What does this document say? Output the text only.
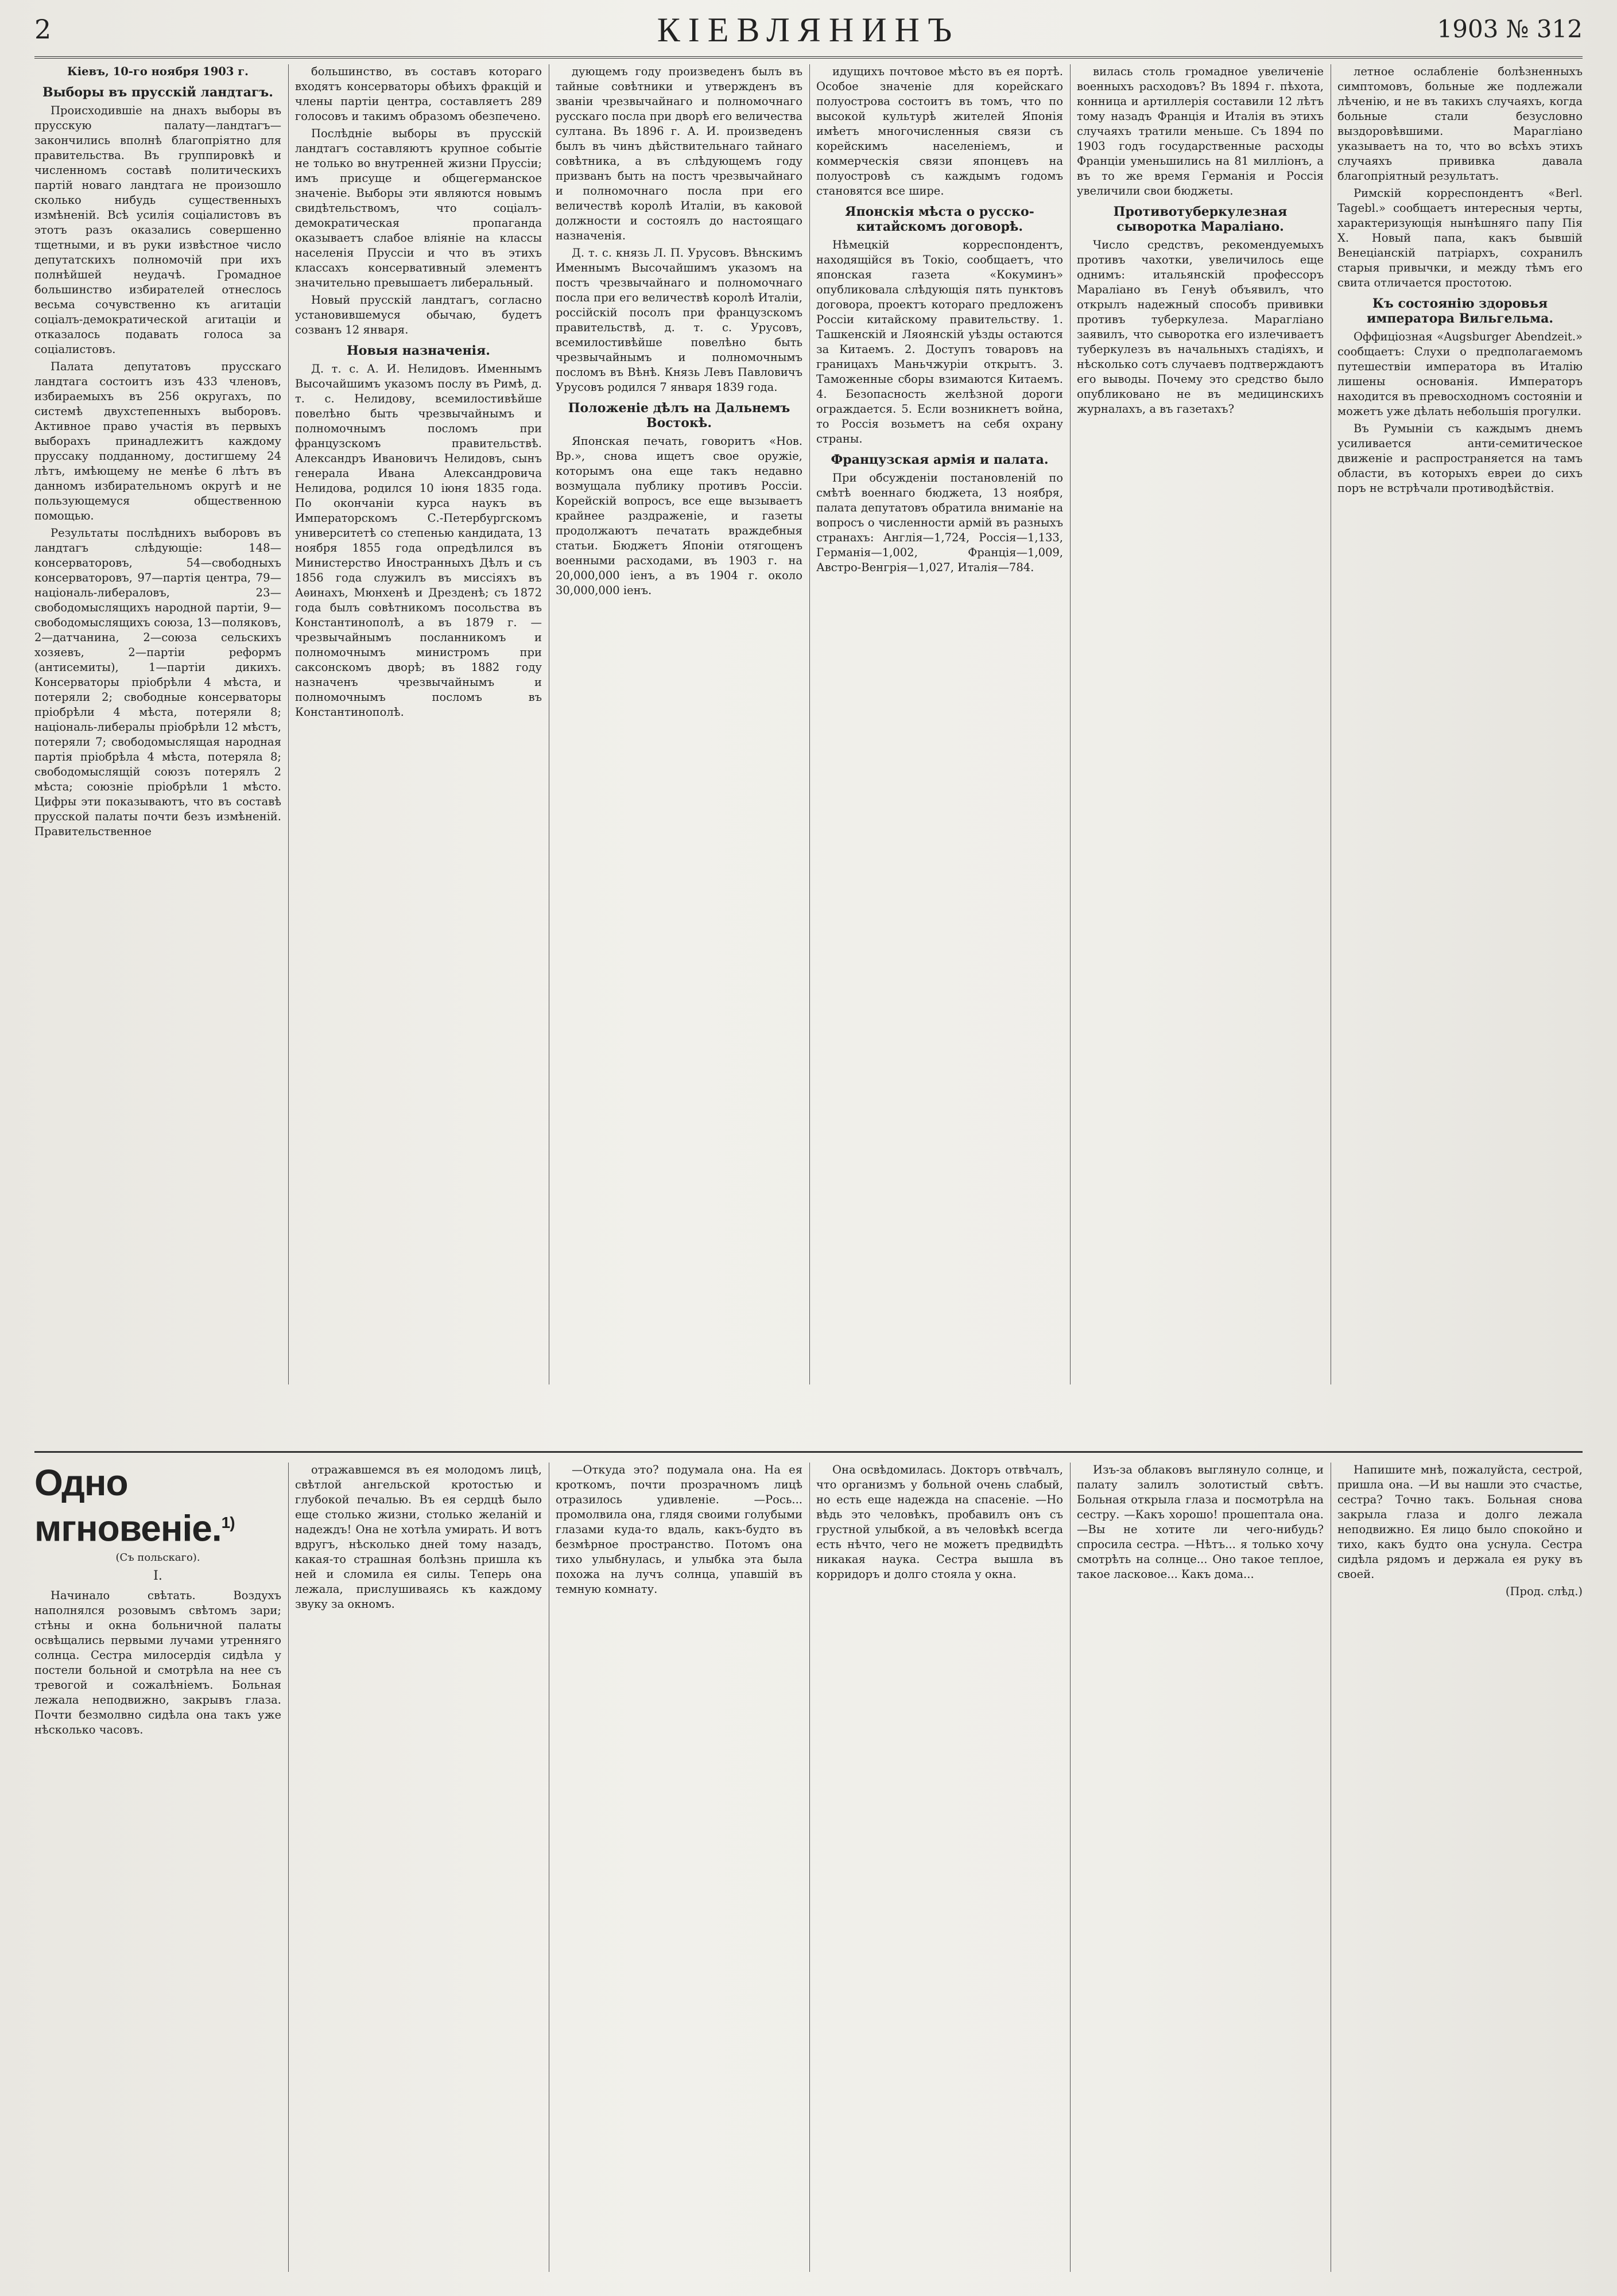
2	КІЕВЛЯНИНЪ	1903 № 312

Кіевъ, 10-го ноября 1903 г.

Выборы въ прусскій ландтагъ.

Происходившіе на днахъ выборы въ прусскую палату—ландтагъ—закончились вполнѣ благопріятно для правительства. Въ группировкѣ и численномъ составѣ политическихъ партій новаго ландтага не произошло сколько нибудь существенныхъ измѣненій. Всѣ усилія соціалистовъ въ этотъ разъ оказались совершенно тщетными, и въ руки извѣстное число депутатскихъ полномочій при ихъ полнѣйшей неудачѣ. Громадное большинство избирателей отнеслось весьма сочувственно къ агитаціи соціалъ-демократической агитаціи и отказалось подавать голоса за соціалистовъ.

Палата депутатовъ прусскаго ландтага состоитъ изъ 433 членовъ, избираемыхъ въ 256 округахъ, по системѣ двухстепенныхъ выборовъ. Активное право участія въ первыхъ выборахъ принадлежитъ каждому пруссаку подданному, достигшему 24 лѣтъ, имѣющему не менѣе 6 лѣтъ въ данномъ избирательномъ округѣ и не пользующемуся общественною помощью.

Результаты послѣднихъ выборовъ въ ландтагъ слѣдующіе: 148—консерваторовъ, 54—свободныхъ консерваторовъ, 97—партія центра, 79—національ-либераловъ, 23—свободомыслящихъ народной партіи, 9—свободомыслящихъ союза, 13—поляковъ, 2—датчанина, 2—союза сельскихъ хозяевъ, 2—партіи реформъ (антисемиты), 1—партіи дикихъ. Консерваторы пріобрѣли 4 мѣста, и потеряли 2; свободные консерваторы пріобрѣли 4 мѣста, потеряли 8; національ-либералы пріобрѣли 12 мѣстъ, потеряли 7; свободомыслящая народная партія пріобрѣла 4 мѣста, потеряла 8; свободомыслящій союзъ потерялъ 2 мѣста; союзніе пріобрѣли 1 мѣсто. Цифры эти показываютъ, что въ составѣ прусской палаты почти безъ измѣненій. Правительственное

большинство, въ составъ котораго входятъ консерваторы обѣихъ фракцій и члены партіи центра, составляетъ 289 голосовъ и такимъ образомъ обезпечено.

Послѣдніе выборы въ прусскій ландтагъ составляютъ крупное событіе не только во внутренней жизни Пруссіи; имъ присуще и общегерманское значеніе. Выборы эти являются новымъ свидѣтельствомъ, что соціалъ-демократическая пропаганда оказываетъ слабое вліяніе на классы населенія Пруссіи и что въ этихъ классахъ консервативный элементъ значительно превышаетъ либеральный.

Новый прусскій ландтагъ, согласно установившемуся обычаю, будетъ созванъ 12 января.

Новыя назначенія.

Д. т. с. А. И. Нелидовъ. Именнымъ Высочайшимъ указомъ послу въ Римѣ, д. т. с. Нелидову, всемилостивѣйше повелѣно быть чрезвычайнымъ и полномочнымъ посломъ при французскомъ правительствѣ. Александръ Ивановичъ Нелидовъ, сынъ генерала Ивана Александровича Нелидова, родился 10 іюня 1835 года. По окончаніи курса наукъ въ Императорскомъ С.-Петербургскомъ университетѣ со степенью кандидата, 13 ноября 1855 года опредѣлился въ Министерство Иностранныхъ Дѣлъ и съ 1856 года служилъ въ миссіяхъ въ Аѳинахъ, Мюнхенѣ и Дрезденѣ; съ 1872 года былъ совѣтникомъ посольства въ Константинополѣ, а въ 1879 г. — чрезвычайнымъ посланникомъ и полномочнымъ министромъ при саксонскомъ дворѣ; въ 1882 году назначенъ чрезвычайнымъ и полномочнымъ посломъ въ Константинополѣ.

дующемъ году произведенъ былъ въ тайные совѣтники и утвержденъ въ званіи чрезвычайнаго и полномочнаго русскаго посла при дворѣ его величества султана. Въ 1896 г. А. И. произведенъ былъ въ чинъ дѣйствительнаго тайнаго совѣтника, а въ слѣдующемъ году призванъ быть на постъ чрезвычайнаго и полномочнаго посла при его величествѣ королѣ Италіи, въ каковой должности и состоялъ до настоящаго назначенія.

Д. т. с. князь Л. П. Урусовъ. Вѣнскимъ Именнымъ Высочайшимъ указомъ на постъ чрезвычайнаго и полномочнаго посла при его величествѣ королѣ Италіи, россійскій посолъ при французскомъ правительствѣ, д. т. с. Урусовъ, всемилостивѣйше повелѣно быть чрезвычайнымъ и полномочнымъ посломъ въ Вѣнѣ. Князь Левъ Павловичъ Урусовъ родился 7 января 1839 года.

Положеніе дѣлъ на Дальнемъ Востокѣ.

Японская печать, говоритъ «Нов. Вр.», снова ищетъ свое оружіе, которымъ она еще такъ недавно возмущала публику противъ Россіи. Корейскій вопросъ, все еще вызываетъ крайнее раздраженіе, и газеты продолжаютъ печатать враждебныя статьи. Бюджетъ Японіи отягощенъ военными расходами, въ 1903 г. на 20,000,000 іенъ, а въ 1904 г. около 30,000,000 іенъ.

идущихъ почтовое мѣсто въ ея портѣ. Особое значеніе для корейскаго полуострова состоитъ въ томъ, что по высокой культурѣ жителей Японія имѣетъ многочисленныя связи съ корейскимъ населеніемъ, и коммерческія связи японцевъ на полуостровѣ съ каждымъ годомъ становятся все шире.

Японскія мѣста о русско-китайскомъ договорѣ.

Нѣмецкій корреспондентъ, находящійся въ Токіо, сообщаетъ, что японская газета «Кокуминъ» опубликовала слѣдующія пять пунктовъ договора, проектъ котораго предложенъ Россіи китайскому правительству. 1. Ташкенскій и Ляоянскій уѣзды остаются за Китаемъ. 2. Доступъ товаровъ на границахъ Маньчжуріи открытъ. 3. Таможенные сборы взимаются Китаемъ. 4. Безопасность желѣзной дороги ограждается. 5. Если возникнетъ война, то Россія возьметъ на себя охрану страны.

Французская армія и палата.

При обсужденіи постановленій по смѣтѣ военнаго бюджета, 13 ноября, палата депутатовъ обратила вниманіе на вопросъ о численности армій въ разныхъ странахъ: Англія—1,724, Россія—1,133, Германія—1,002, Франція—1,009, Австро-Венгрія—1,027, Италія—784.

вилась столь громадное увеличеніе военныхъ расходовъ? Въ 1894 г. пѣхота, конница и артиллерія составили 12 лѣтъ тому назадъ Франція и Италія въ этихъ случаяхъ тратили меньше. Съ 1894 по 1903 годъ государственные расходы Франціи уменьшились на 81 милліонъ, а въ то же время Германія и Россія увеличили свои бюджеты.

Противотуберкулезная сыворотка Мараліано.

Число средствъ, рекомендуемыхъ противъ чахотки, увеличилось еще однимъ: итальянскій профессоръ Мараліано въ Генуѣ объявилъ, что открылъ надежный способъ прививки противъ туберкулеза. Марагліано заявилъ, что сыворотка его излечиваетъ туберкулезъ въ начальныхъ стадіяхъ, и нѣсколько сотъ случаевъ подтверждаютъ его выводы. Почему это средство было опубликовано не въ медицинскихъ журналахъ, а въ газетахъ?

летное ослабленіе болѣзненныхъ симптомовъ, больные же подлежали лѣченію, и не въ такихъ случаяхъ, когда больные стали безусловно выздоровѣвшими. Марагліано указываетъ на то, что во всѣхъ этихъ случаяхъ прививка давала благопріятный результатъ.

Римскій корреспондентъ «Berl. Tagebl.» сообщаетъ интересныя черты, характеризующія нынѣшняго папу Пія X. Новый папа, какъ бывшій Венеціанскій патріархъ, сохранилъ старыя привычки, и между тѣмъ его свита отличается простотою.

Къ состоянію здоровья императора Вильгельма.

Оффиціозная «Augsburger Abendzeit.» сообщаетъ: Слухи о предполагаемомъ путешествіи императора въ Италію лишены основанія. Императоръ находится въ превосходномъ состояніи и можетъ уже дѣлать небольшія прогулки.

Въ Румыніи съ каждымъ днемъ усиливается анти-семитическое движеніе и распространяется на тамъ области, въ которыхъ евреи до сихъ поръ не встрѣчали противодѣйствія.

Одно мгновеніе.$^{1)}$
(Съ польскаго).
I.

Начинало свѣтать. Воздухъ наполнялся розовымъ свѣтомъ зари; стѣны и окна больничной палаты освѣщались первыми лучами утренняго солнца. Сестра милосердія сидѣла у постели больной и смотрѣла на нее съ тревогой и сожалѣніемъ. Больная лежала неподвижно, закрывъ глаза. Почти безмолвно сидѣла она такъ уже нѣсколько часовъ.

отражавшемся въ ея молодомъ лицѣ, свѣтлой ангельской кротостью и глубокой печалью. Въ ея сердцѣ было еще столько жизни, столько желаній и надеждъ! Она не хотѣла умирать. И вотъ вдругъ, нѣсколько дней тому назадъ, какая-то страшная болѣзнь пришла къ ней и сломила ея силы. Теперь она лежала, прислушиваясь къ каждому звуку за окномъ.

—Откуда это? подумала она. На ея кроткомъ, почти прозрачномъ лицѣ отразилось удивленіе. —Рось... промолвила она, глядя своими голубыми глазами куда-то вдаль, какъ-будто въ безмѣрное пространство. Потомъ она тихо улыбнулась, и улыбка эта была похожа на лучъ солнца, упавшій въ темную комнату.

Она освѣдомилась. Докторъ отвѣчалъ, что организмъ у больной очень слабый, но есть еще надежда на спасеніе. —Но вѣдь это человѣкъ, пробавилъ онъ съ грустной улыбкой, а въ человѣкѣ всегда есть нѣчто, чего не можетъ предвидѣть никакая наука. Сестра вышла въ корридоръ и долго стояла у окна.

Изъ-за облаковъ выглянуло солнце, и палату залилъ золотистый свѣтъ. Больная открыла глаза и посмотрѣла на сестру. —Какъ хорошо! прошептала она. —Вы не хотите ли чего-нибудь? спросила сестра. —Нѣтъ... я только хочу смотрѣть на солнце... Оно такое теплое, такое ласковое... Какъ дома...

Напишите мнѣ, пожалуйста, сестрой, пришла она. —И вы нашли это счастье, сестра? Точно такъ. Больная снова закрыла глаза и долго лежала неподвижно. Ея лицо было спокойно и тихо, какъ будто она уснула. Сестра сидѣла рядомъ и держала ея руку въ своей.

(Прод. слѣд.)
